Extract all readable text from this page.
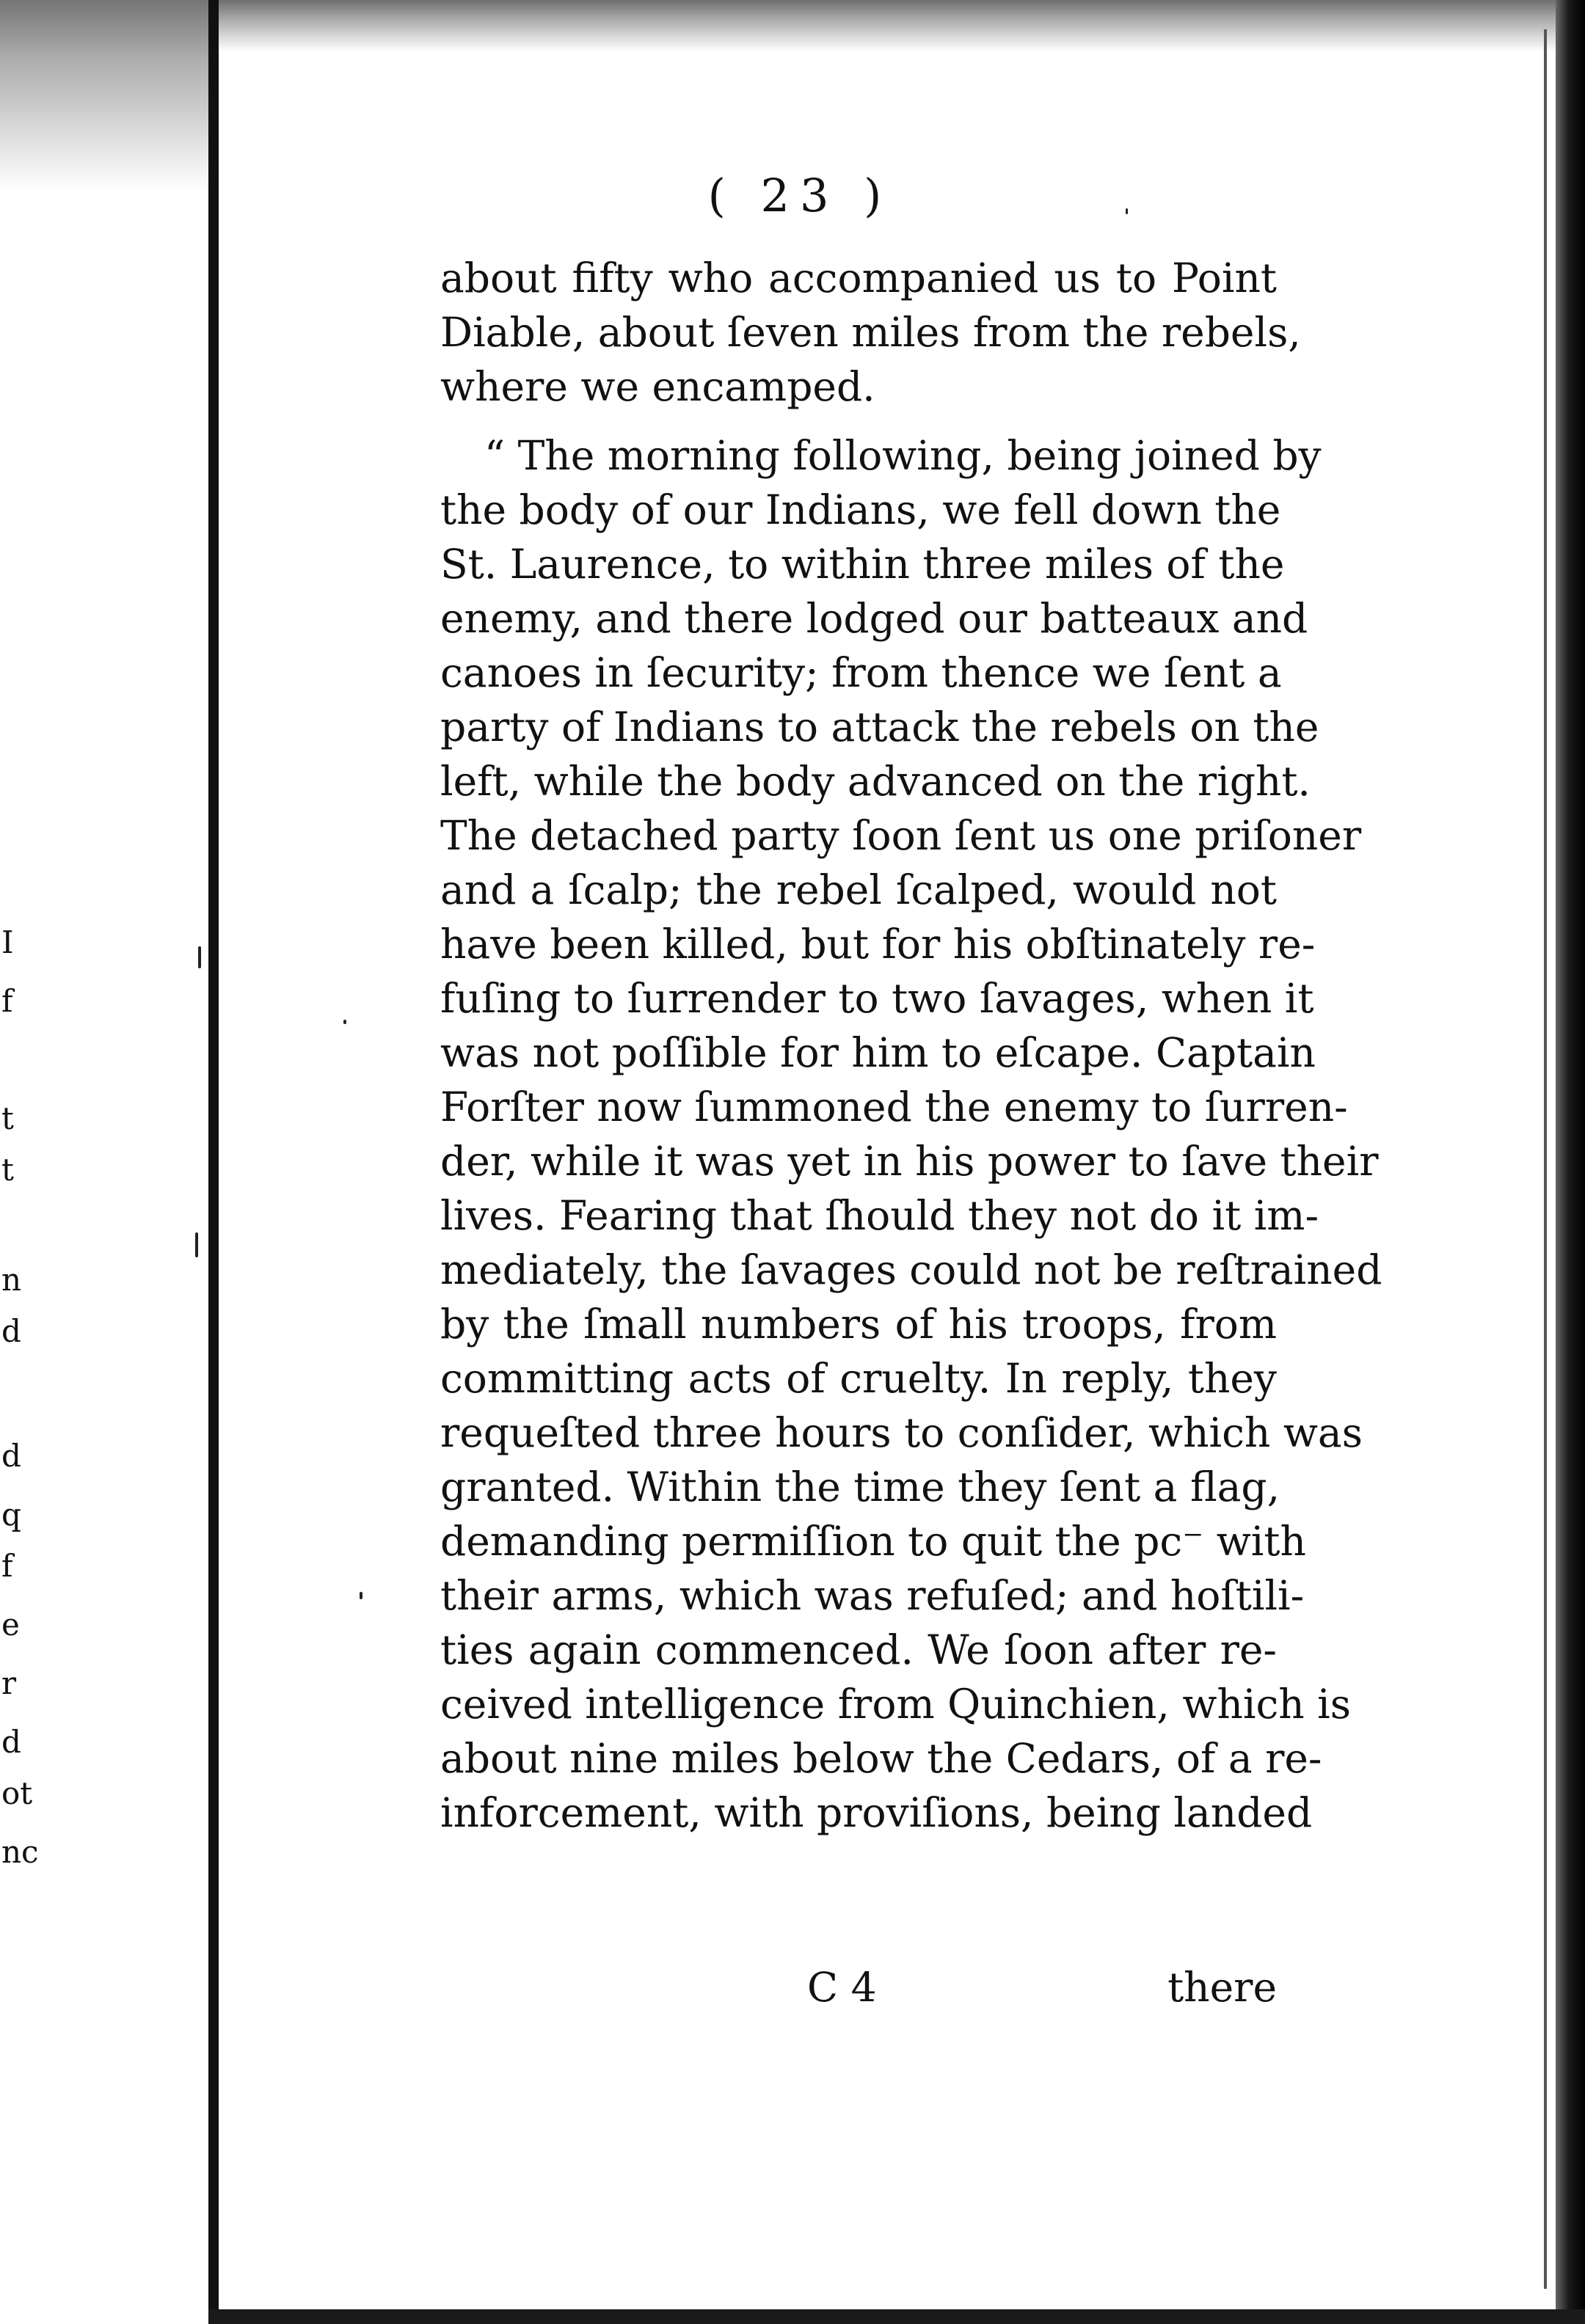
I
f
t
t
n
d
d
q
f
e
r
d
ot
nc
( 23 )
about fifty who accompanied us to Point
Diable, about ſeven miles from the rebels,
where we encamped.
“ The morning following, being joined by
the body of our Indians, we fell down the
St. Laurence, to within three miles of the
enemy, and there lodged our batteaux and
canoes in ſecurity; from thence we ſent a
party of Indians to attack the rebels on the
left, while the body advanced on the right.
The detached party ſoon ſent us one priſoner
and a ſcalp; the rebel ſcalped, would not
have been killed, but for his obſtinately re-
fuſing to ſurrender to two ſavages, when it
was not poſſible for him to eſcape. Captain
Forſter now ſummoned the enemy to ſurren-
der, while it was yet in his power to ſave their
lives. Fearing that ſhould they not do it im-
mediately, the ſavages could not be reſtrained
by the ſmall numbers of his troops, from
committing acts of cruelty. In reply, they
requeſted three hours to conſider, which was
granted. Within the time they ſent a flag,
demanding permiſſion to quit the pc⁻ with
their arms, which was refuſed; and hoſtili-
ties again commenced. We ſoon after re-
ceived intelligence from Quinchien, which is
about nine miles below the Cedars, of a re-
inforcement, with proviſions, being landed
C 4	there
